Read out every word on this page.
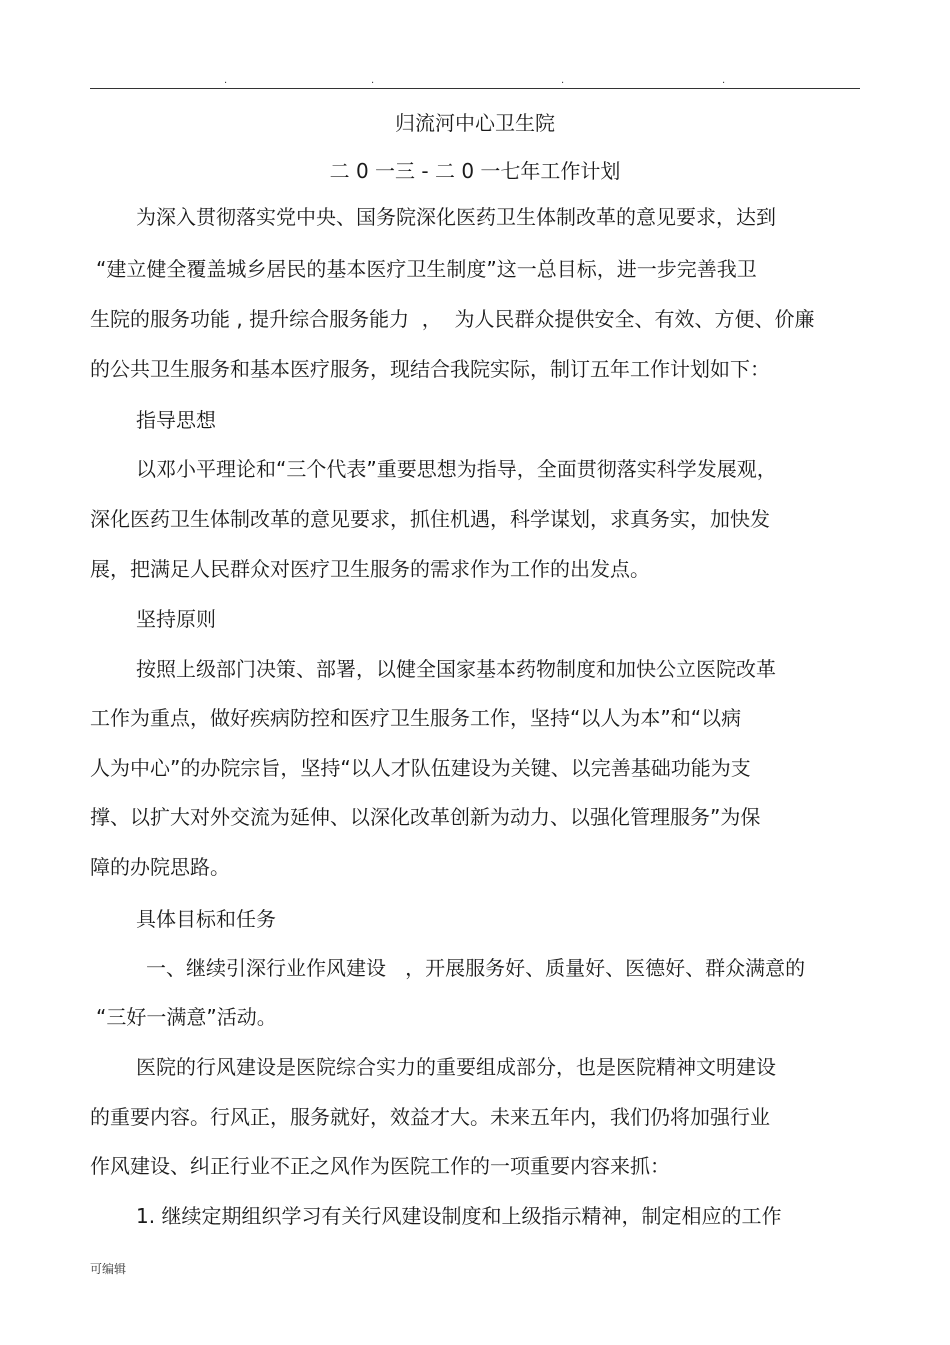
.	.	.	.
归流河中心卫生院
二 0 一三 - 二 0 一七年工作计划
为深入贯彻落实党中央、国务院深化医药卫生体制改革的意见要求，达到
“建立健全覆盖城乡居民的基本医疗卫生制度”这一总目标，进一步完善我卫
生院的服务功能 , 提升综合服务能力  ，  为人民群众提供安全、有效、方便、价廉
的公共卫生服务和基本医疗服务，现结合我院实际，制订五年工作计划如下：
指导思想
以邓小平理论和“三个代表”重要思想为指导，全面贯彻落实科学发展观，
深化医药卫生体制改革的意见要求，抓住机遇，科学谋划，求真务实，加快发
展，把满足人民群众对医疗卫生服务的需求作为工作的出发点。
坚持原则
按照上级部门决策、部署，以健全国家基本药物制度和加快公立医院改革
工作为重点，做好疾病防控和医疗卫生服务工作，坚持“以人为本”和“以病
人为中心”的办院宗旨，坚持“以人才队伍建设为关键、以完善基础功能为支
撑、以扩大对外交流为延伸、以深化改革创新为动力、以强化管理服务”为保
障的办院思路。
具体目标和任务
一、继续引深行业作风建设   ，开展服务好、质量好、医德好、群众满意的
“三好一满意”活动。
医院的行风建设是医院综合实力的重要组成部分，也是医院精神文明建设
的重要内容。行风正，服务就好，效益才大。未来五年内，我们仍将加强行业
作风建设、纠正行业不正之风作为医院工作的一项重要内容来抓：
1. 继续定期组织学习有关行风建设制度和上级指示精神，制定相应的工作
可编辑
